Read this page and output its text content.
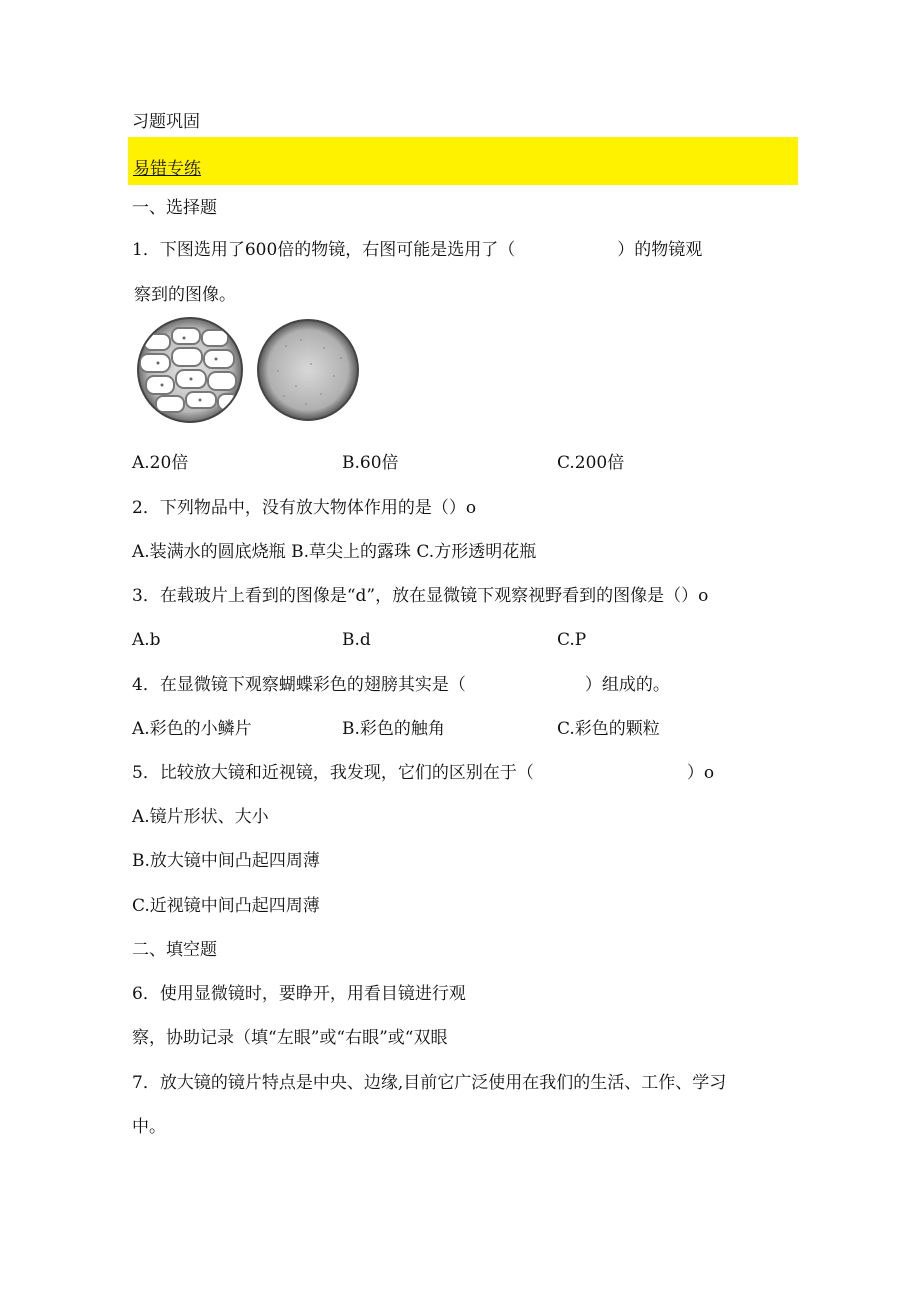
习题巩固
易错专练
一、选择题
1．下图选用了600倍的物镜，右图可能是选用了（　　　　　　）的物镜观
察到的图像。
A.20倍	B.60倍	C.200倍
2．下列物品中，没有放大物体作用的是（）o
A.装满水的圆底烧瓶 B.草尖上的露珠 C.方形透明花瓶
3．在载玻片上看到的图像是“d”，放在显微镜下观察视野看到的图像是（）o
A.b	B.d	C.P
4．在显微镜下观察蝴蝶彩色的翅膀其实是（　　　　　　　）组成的。
A.彩色的小鳞片	B.彩色的触角	C.彩色的颗粒
5．比较放大镜和近视镜，我发现，它们的区别在于（　　　　　　　　　）o
A.镜片形状、大小
B.放大镜中间凸起四周薄
C.近视镜中间凸起四周薄
二、填空题
6．使用显微镜时，要睁开，用看目镜进行观
察，协助记录（填“左眼”或“右眼”或“双眼
7．放大镜的镜片特点是中央、边缘,目前它广泛使用在我们的生活、工作、学习
中。
